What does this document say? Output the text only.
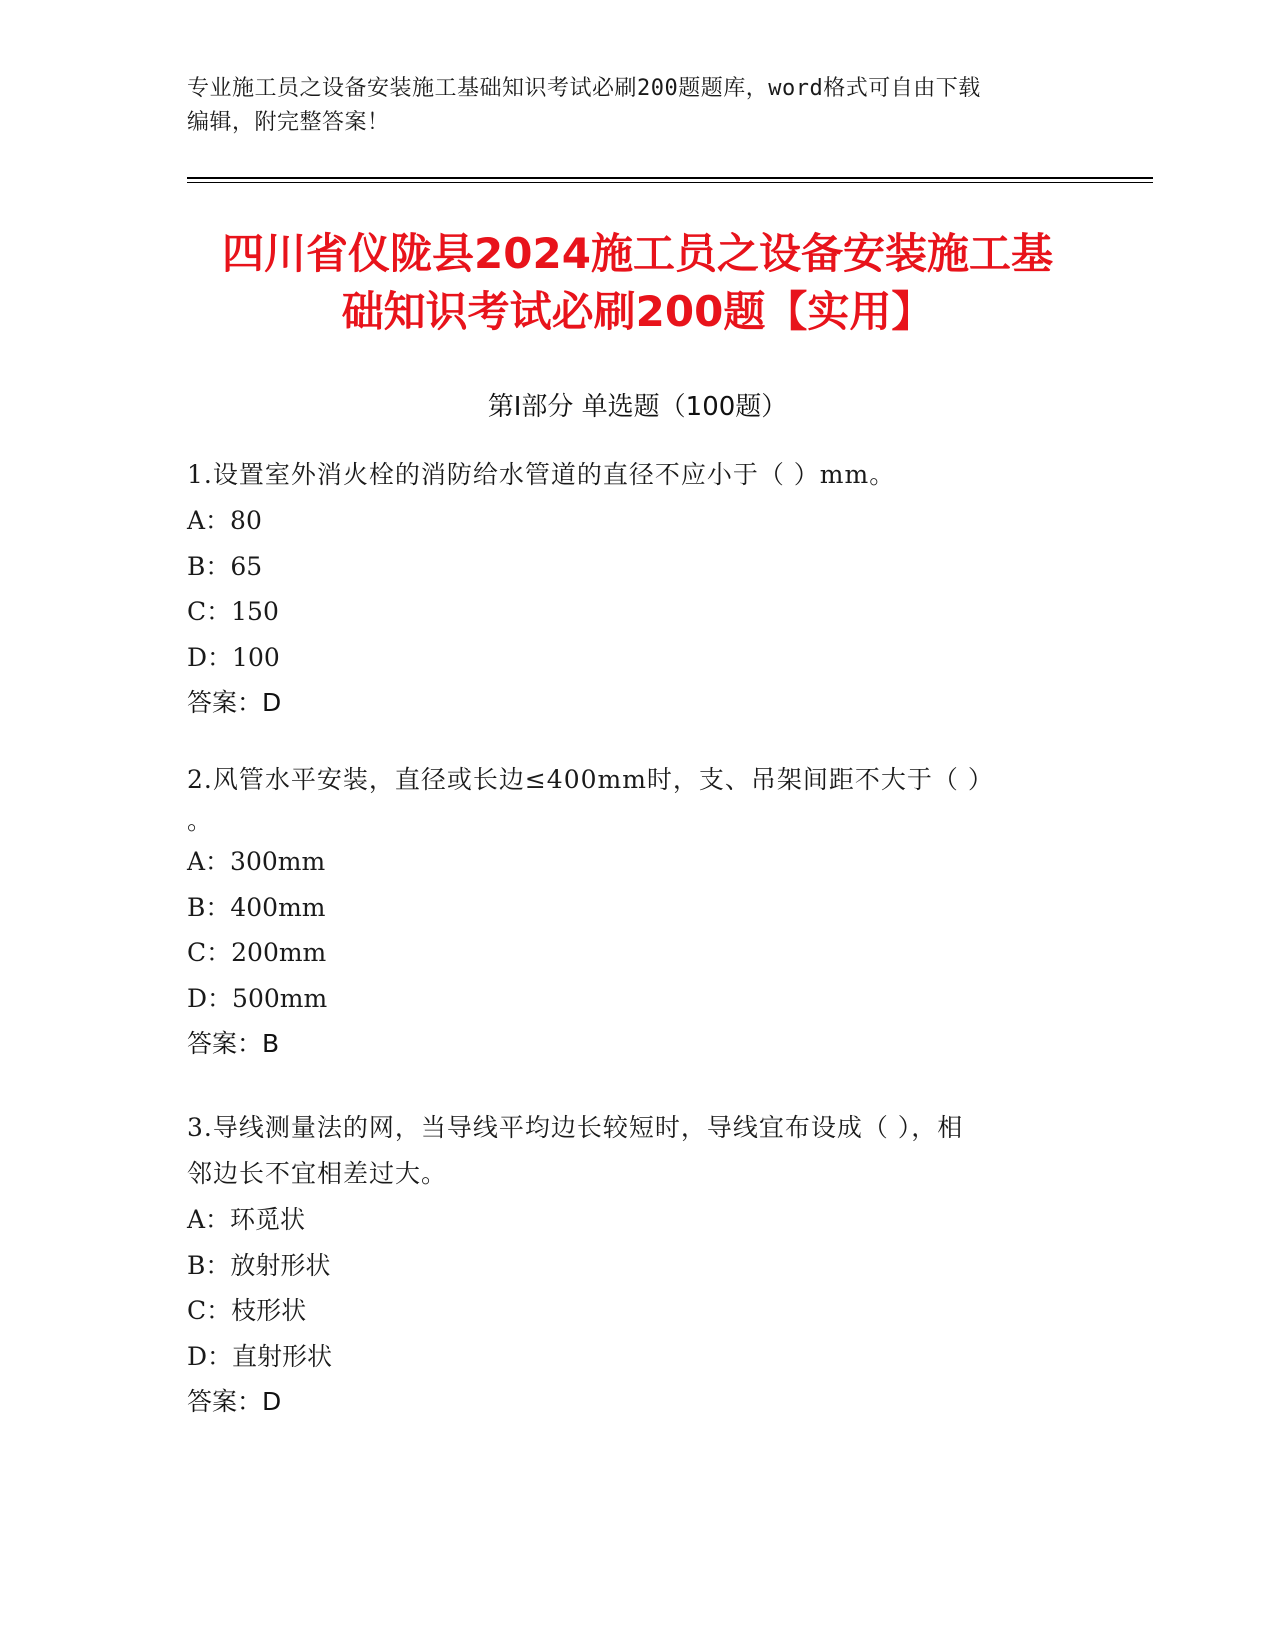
专业施工员之设备安装施工基础知识考试必刷200题题库，word格式可自由下载
编辑，附完整答案！
四川省仪陇县2024施工员之设备安装施工基
础知识考试必刷200题【实用】
第Ⅰ部分 单选题（100题）
1.设置室外消火栓的消防给水管道的直径不应小于（ ）mm。
A：80
B：65
C：150
D：100
答案：D
2.风管水平安装，直径或长边≤400mm时，支、吊架间距不大于（ ）
。
A：300mm
B：400mm
C：200mm
D：500mm
答案：B
3.导线测量法的网，当导线平均边长较短时，导线宜布设成（ ），相
邻边长不宜相差过大。
A：环觅状
B：放射形状
C：枝形状
D：直射形状
答案：D
